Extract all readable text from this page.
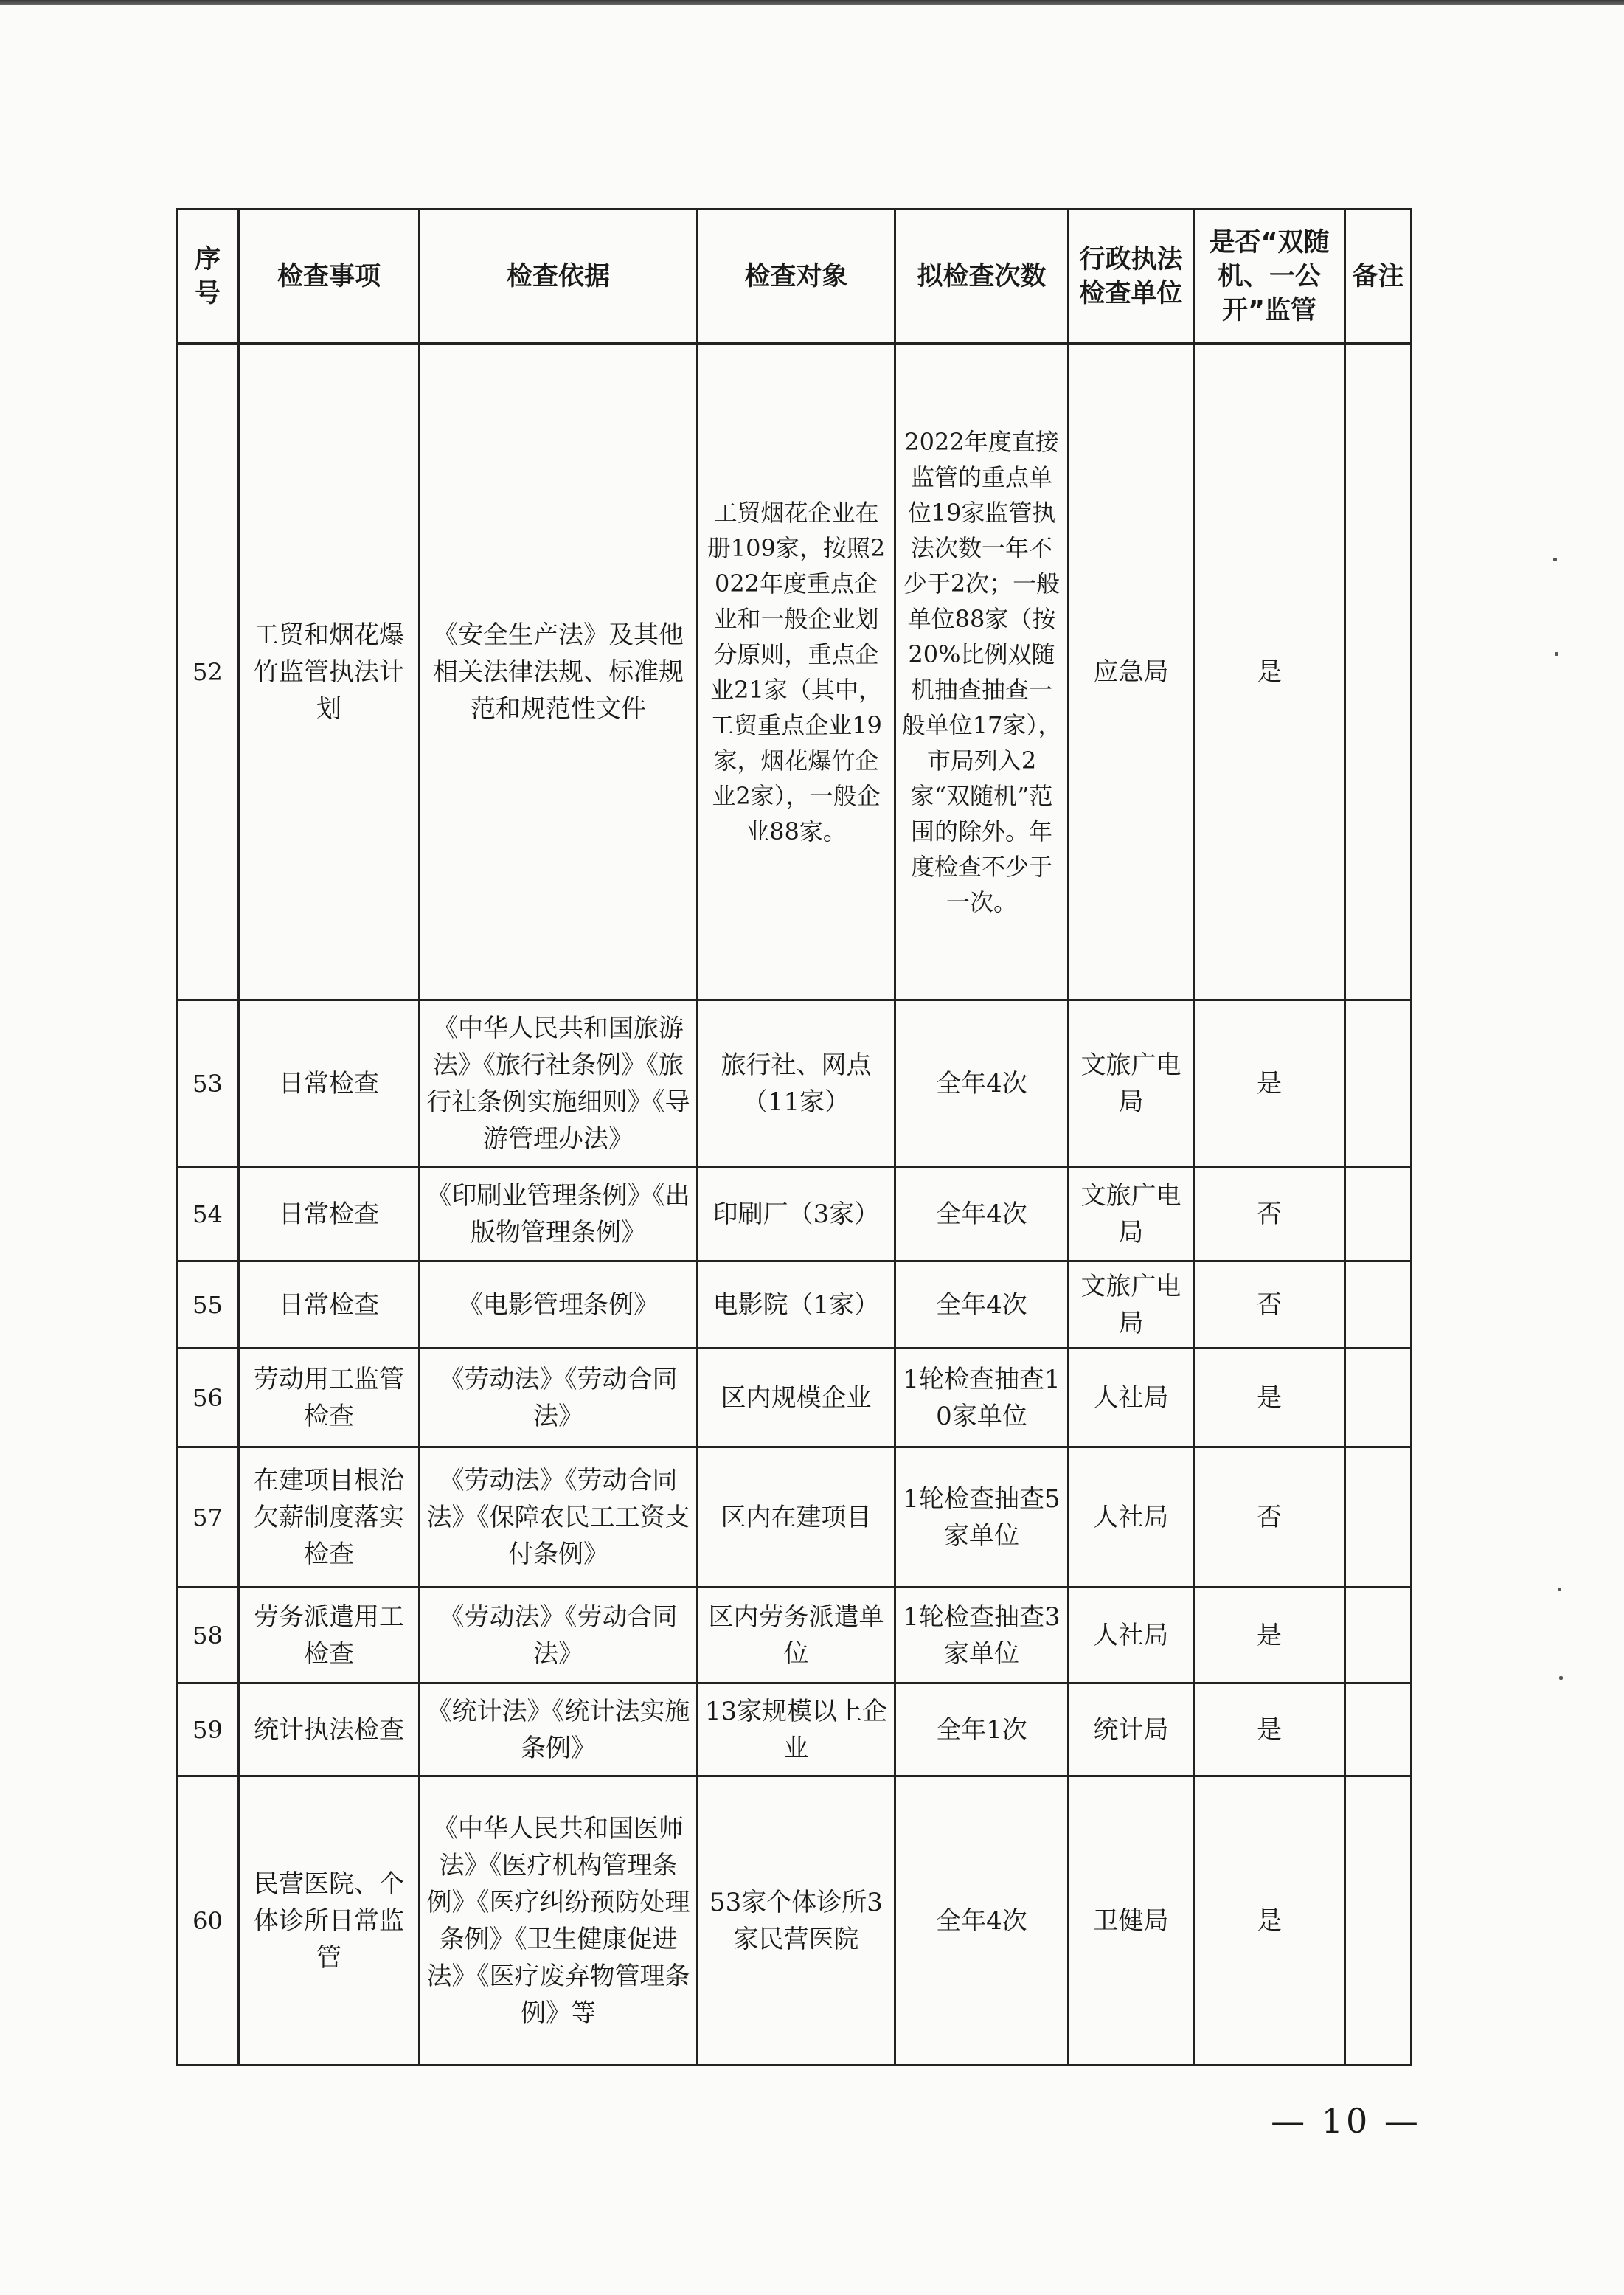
序号	检查事项	检查依据	检查对象	拟检查次数	行政执法检查单位	是否“双随机、一公开”监管	备注
52	工贸和烟花爆竹监管执法计划	《安全生产法》及其他相关法律法规、标准规范和规范性文件	工贸烟花企业在册109家，按照2022年度重点企业和一般企业划分原则，重点企业21家（其中，工贸重点企业19家，烟花爆竹企业2家），一般企业88家。	2022年度直接监管的重点单位19家监管执法次数一年不少于2次；一般单位88家（按20%比例双随机抽查抽查一般单位17家），市局列入2家“双随机”范围的除外。年度检查不少于一次。	应急局	是	
53	日常检查	《中华人民共和国旅游法》《旅行社条例》《旅行社条例实施细则》《导游管理办法》	旅行社、网点（11家）	全年4次	文旅广电局	是	
54	日常检查	《印刷业管理条例》《出版物管理条例》	印刷厂（3家）	全年4次	文旅广电局	否	
55	日常检查	《电影管理条例》	电影院（1家）	全年4次	文旅广电局	否	
56	劳动用工监管检查	《劳动法》《劳动合同法》	区内规模企业	1轮检查抽查10家单位	人社局	是	
57	在建项目根治欠薪制度落实检查	《劳动法》《劳动合同法》《保障农民工工资支付条例》	区内在建项目	1轮检查抽查5家单位	人社局	否	
58	劳务派遣用工检查	《劳动法》《劳动合同法》	区内劳务派遣单位	1轮检查抽查3家单位	人社局	是	
59	统计执法检查	《统计法》《统计法实施条例》	13家规模以上企业	全年1次	统计局	是	
60	民营医院、个体诊所日常监管	《中华人民共和国医师法》《医疗机构管理条例》《医疗纠纷预防处理条例》《卫生健康促进法》《医疗废弃物管理条例》等	53家个体诊所3家民营医院	全年4次	卫健局	是	
— 10 —
